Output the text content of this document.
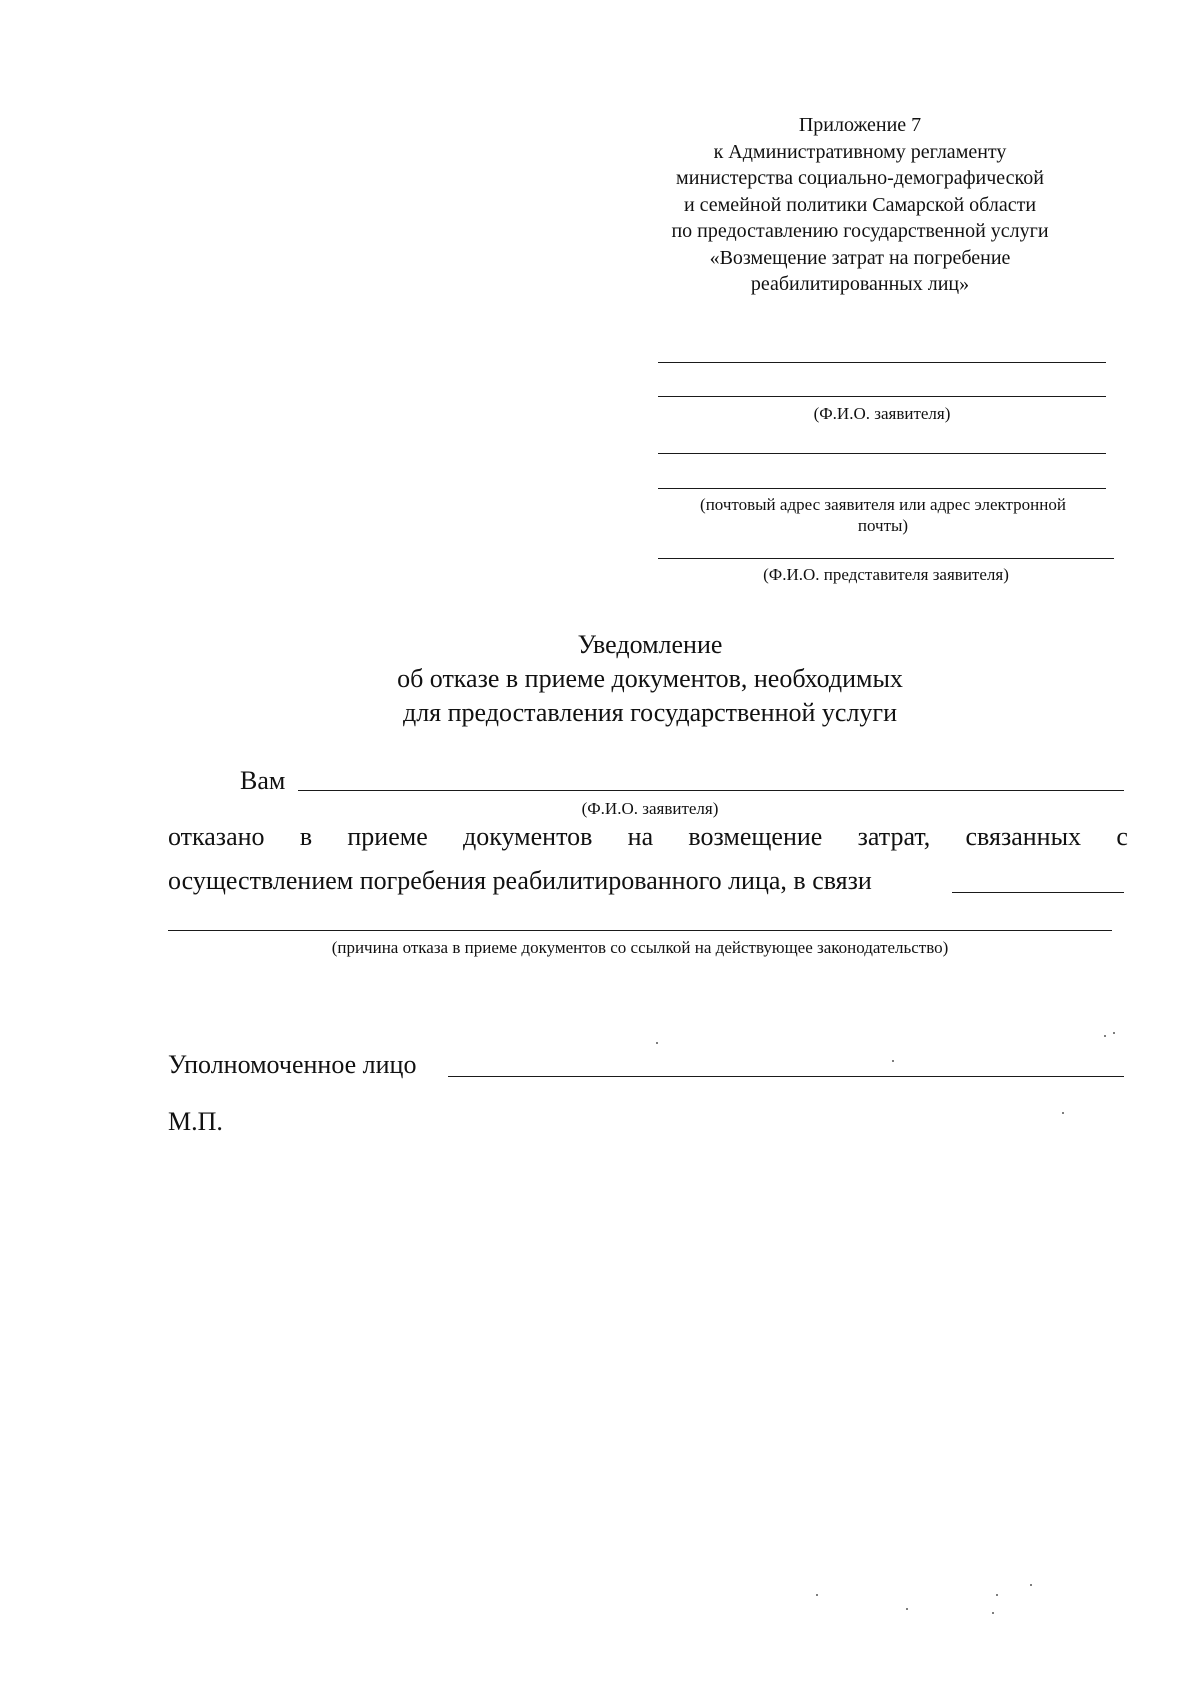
Приложение 7
к Административному регламенту
министерства социально-демографической
и семейной политики Самарской области
по предоставлению государственной услуги
«Возмещение затрат на погребение
реабилитированных лиц»
(Ф.И.О. заявителя)
(почтовый адрес заявителя или адрес электронной
почты)
(Ф.И.О. представителя заявителя)
Уведомление
об отказе в приеме документов, необходимых
для предоставления государственной услуги
Вам
(Ф.И.О. заявителя)
отказано в приеме документов на возмещение затрат, связанных с
осуществлением погребения реабилитированного лица, в связи
(причина отказа в приеме документов со ссылкой на действующее законодательство)
Уполномоченное лицо
М.П.
